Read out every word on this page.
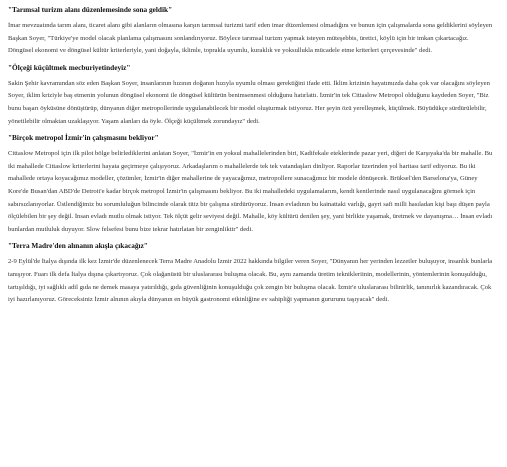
"Tarımsal turizm alanı düzenlemesinde sona geldik"

İmar mevzuatında tarım alanı, ticaret alanı gibi alanların olmasına karşın tarımsal turizmi tarif eden imar düzenlemesi olmadığını ve bunun için çalışmalarda sona geldiklerini söyleyen Başkan Soyer, "Türkiye'ye model olacak planlama çalışmasını sonlandırıyoruz. Böylece tarımsal turizm yapmak isteyen müteşebbis, üretici, köylü için bir imkan çıkartacağız. Döngüsel ekonomi ve döngüsel kültür kriterleriyle, yani doğayla, iklimle, toprakla uyumlu, kuraklık ve yoksullukla mücadele etme kriterleri çerçevesinde" dedi.

"Ölçeği küçültmek mecburiyetindeyiz"

Sakin Şehir kavramından söz eden Başkan Soyer, insanlarının hızının doğanın hızıyla uyumlu olması gerektiğini ifade etti. İklim krizinin hayatımızda daha çok var olacağını söyleyen Soyer, iklim kriziyle baş etmenin yolunun döngüsel ekonomi ile döngüsel kültürün benimsenmesi olduğunu hatırlattı. İzmir'in tek Cittaslow Metropol olduğunu kaydeden Soyer, "Biz bunu başarı öyküsüne dönüştürüp, dünyanın diğer metropollerinde uygulanabilecek bir model oluşturmak istiyoruz. Her şeyin özü yerelleşmek, küçülmek. Büyüdükçe sürdürülebilir, yönetilebilir olmaktan uzaklaşıyor. Yaşam alanları da öyle. Ölçeği küçültmek zorundayız" dedi.

"Birçok metropol İzmir'in çalışmasını bekliyor"

Cittaslow Metropol için ilk pilot bölge belirlediklerini anlatan Soyer, "İzmir'in en yoksul mahallelerinden biri, Kadifekale eteklerinde pazar yeri, diğeri de Karşıyaka'da bir mahalle. Bu iki mahallede Cittaslow kriterlerini hayata geçirmeye çalışıyoruz. Arkadaşlarım o mahallelerde tek tek vatandaşları dinliyor. Raporlar üzerinden yol haritası tarif ediyoruz. Bu iki mahallede ortaya koyacağımız modeller, çözümler, İzmir'in diğer mahallerine de yayacağımız, metropollere sunacağımız bir modele dönüşecek. Brüksel'den Barselona'ya, Güney Kore'de Busan'dan ABD'de Detroit'e kadar birçok metropol İzmir'in çalışmasını bekliyor. Bu iki mahalledeki uygulamalarım, kendi kentlerinde nasıl uygulanacağını görmek için sabırsızlanıyorlar. Üstlendiğimiz bu sorumluluğun bilincinde olarak titiz bir çalışma sürdürüyoruz. İnsan evladının bu kainattaki varlığı, gayri safi milli hasıladan kişi başı düşen payla ölçülebilen bir şey değil. İnsan evladı mutlu olmak istiyor. Tek ölçüt gelir seviyesi değil. Mahalle, köy kültürü denilen şey, yani birlikte yaşamak, üretmek ve dayanışma… İnsan evladı bunlardan mutluluk duyuyor. Slow felsefesi bunu bize tekrar hatırlatan bir zenginliktir" dedi.

"Terra Madre'den alınanın akışla çıkacağız"

2-9 Eylül'de İtalya dışında ilk kez İzmir'de düzenlenecek Terra Madre Anadolu İzmir 2022 hakkında bilgiler veren Soyer, "Dünyanın her yerinden lezzetler buluşuyor, insanlık bunlarla tanışıyor. Fuarı ilk defa İtalya dışına çıkartıyoruz. Çok olağanüstü bir uluslararası buluşma olacak. Bu, aynı zamanda üretim teknikleriinin, modellerinin, yöntemlerinin konuşulduğu, tartışıldığı, iyi sağlıklı adil gıda ne demek masaya yatırıldığı, gıda güvenliğinin konuşulduğu çok zengin bir buluşma olacak. İzmir'e uluslararası bilinirlik, tanınırlık kazandıracak. Çok iyi hazırlanıyoruz. Göreceksiniz İzmir alnının akıyla dünyanın en büyük gastronomi etkinliğine ev sahipliği yapmanın gururunu taşıyacak" dedi.
